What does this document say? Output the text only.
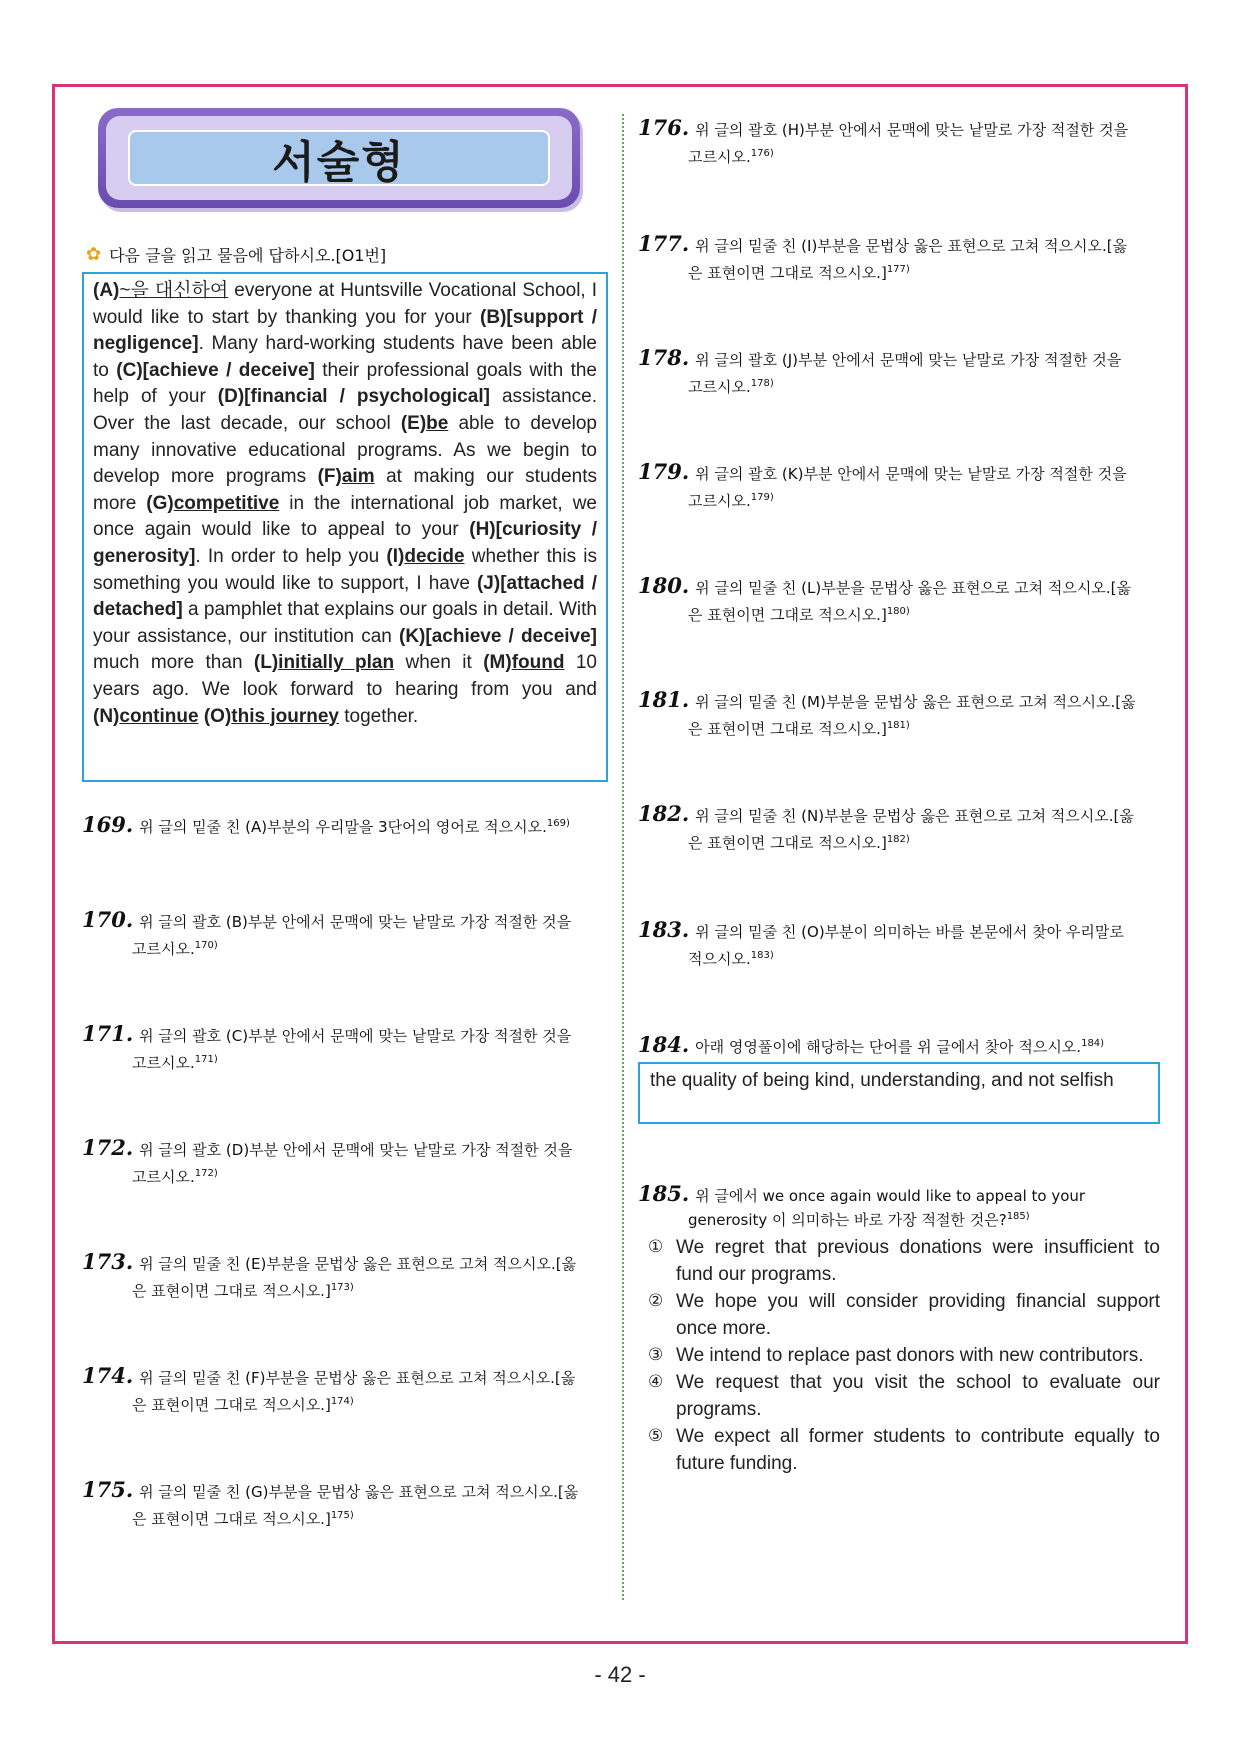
서술형
✿ 다음 글을 읽고 물음에 답하시오.[O1번]
(A)~을 대신하여 everyone at Huntsville Vocational School, I would like to start by thanking you for your (B)[support / negligence]. Many hard-working students have been able to (C)[achieve / deceive] their professional goals with the help of your (D)[financial / psychological] assistance. Over the last decade, our school (E)be able to develop many innovative educational programs. As we begin to develop more programs (F)aim at making our students more (G)competitive in the international job market, we once again would like to appeal to your (H)[curiosity / generosity]. In order to help you (I)decide whether this is something you would like to support, I have (J)[attached / detached] a pamphlet that explains our goals in detail. With your assistance, our institution can (K)[achieve / deceive] much more than (L)initially plan when it (M)found 10 years ago. We look forward to hearing from you and (N)continue (O)this journey together.
169. 위 글의 밑줄 친 (A)부분의 우리말을 3단어의 영어로 적으시오.$^{169)}$
170. 위 글의 괄호 (B)부분 안에서 문맥에 맞는 낱말로 가장 적절한 것을
고르시오.$^{170)}$
171. 위 글의 괄호 (C)부분 안에서 문맥에 맞는 낱말로 가장 적절한 것을
고르시오.$^{171)}$
172. 위 글의 괄호 (D)부분 안에서 문맥에 맞는 낱말로 가장 적절한 것을
고르시오.$^{172)}$
173. 위 글의 밑줄 친 (E)부분을 문법상 옳은 표현으로 고쳐 적으시오.[옳
은 표현이면 그대로 적으시오.]$^{173)}$
174. 위 글의 밑줄 친 (F)부분을 문법상 옳은 표현으로 고쳐 적으시오.[옳
은 표현이면 그대로 적으시오.]$^{174)}$
175. 위 글의 밑줄 친 (G)부분을 문법상 옳은 표현으로 고쳐 적으시오.[옳
은 표현이면 그대로 적으시오.]$^{175)}$
176. 위 글의 괄호 (H)부분 안에서 문맥에 맞는 낱말로 가장 적절한 것을
고르시오.$^{176)}$
177. 위 글의 밑줄 친 (I)부분을 문법상 옳은 표현으로 고쳐 적으시오.[옳
은 표현이면 그대로 적으시오.]$^{177)}$
178. 위 글의 괄호 (J)부분 안에서 문맥에 맞는 낱말로 가장 적절한 것을
고르시오.$^{178)}$
179. 위 글의 괄호 (K)부분 안에서 문맥에 맞는 낱말로 가장 적절한 것을
고르시오.$^{179)}$
180. 위 글의 밑줄 친 (L)부분을 문법상 옳은 표현으로 고쳐 적으시오.[옳
은 표현이면 그대로 적으시오.]$^{180)}$
181. 위 글의 밑줄 친 (M)부분을 문법상 옳은 표현으로 고쳐 적으시오.[옳
은 표현이면 그대로 적으시오.]$^{181)}$
182. 위 글의 밑줄 친 (N)부분을 문법상 옳은 표현으로 고쳐 적으시오.[옳
은 표현이면 그대로 적으시오.]$^{182)}$
183. 위 글의 밑줄 친 (O)부분이 의미하는 바를 본문에서 찾아 우리말로
적으시오.$^{183)}$
184. 아래 영영풀이에 해당하는 단어를 위 글에서 찾아 적으시오.$^{184)}$
the quality of being kind, understanding, and not selfish
185. 위 글에서 we once again would like to appeal to your
generosity 이 의미하는 바로 가장 적절한 것은?$^{185)}$
① We regret that previous donations were insufficient to fund our programs.
② We hope you will consider providing financial support once more.
③ We intend to replace past donors with new contributors.
④ We request that you visit the school to evaluate our programs.
⑤ We expect all former students to contribute equally to future funding.
- 42 -
